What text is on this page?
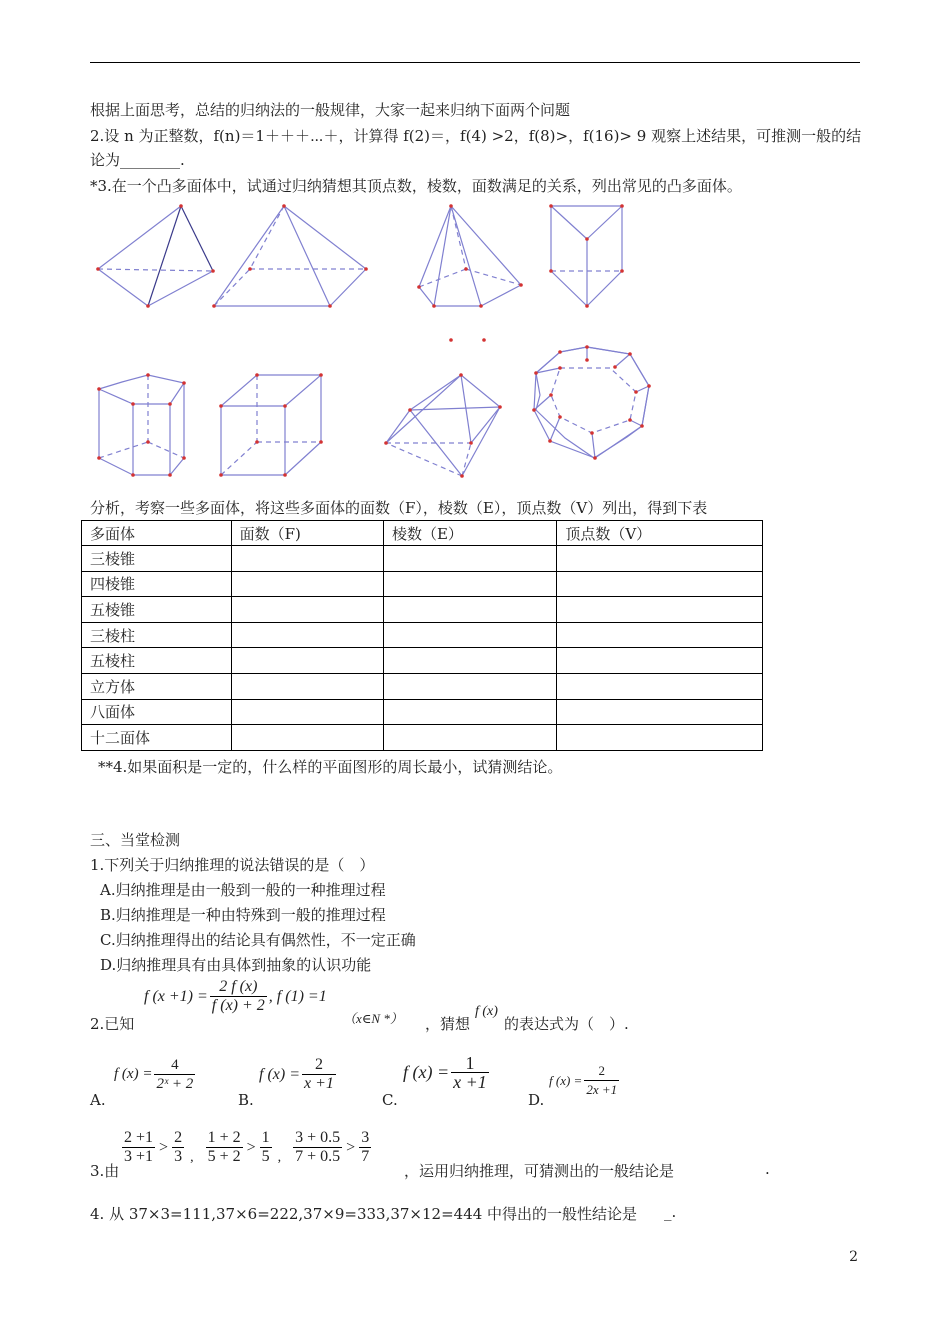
根据上面思考，总结的归纳法的一般规律，大家一起来归纳下面两个问题
2.设 n 为正整数，f(n)＝1＋＋＋⋯＋，计算得 f(2)＝，f(4) >2，f(8)>，f(16)> 9 观察上述结果，可推测一般的结
论为________.
*3.在一个凸多面体中，试通过归纳猜想其顶点数，棱数，面数满足的关系，列出常见的凸多面体。
分析，考察一些多面体，将这些多面体的面数（F），棱数（E），顶点数（V）列出，得到下表
多面体	面数（F)	棱数（E）	顶点数（V）
三棱锥			
四棱锥			
五棱锥			
三棱柱			
五棱柱			
立方体			
八面体			
十二面体			
**4.如果面积是一定的，什么样的平面图形的周长最小，试猜测结论。
三、当堂检测
1.下列关于归纳推理的说法错误的是（　）
A.归纳推理是由一般到一般的一种推理过程
B.归纳推理是一种由特殊到一般的推理过程
C.归纳推理得出的结论具有偶然性，不一定正确
D.归纳推理具有由具体到抽象的认识功能
2.已知
f $(x +1) = \frac{2 f (x)}{f (x) + 2}$ , f (1) =1
（x∈N *） ，猜想
f (x)
的表达式为（　）.
A.
f $(x) = \frac{4}{\text{2ˣ + 2}}$
B.
f $(x) = \frac{2}{x +1}$
C.
f $(x) = \frac{1}{x +1}$
D.
f $(x) = \frac{2}{2x +1}$
3.由
$\frac{2 +1}{3 +1} > \frac{2}{3}$ , $\frac{1 + 2}{5 + 2} > \frac{1}{5}$ , $\frac{3 + 0.5}{7 + 0.5} > \frac{3}{7}$
，运用归纳推理，可猜测出的一般结论是	.
4. 从 37×3=111,37×6=222,37×9=333,37×12=444 中得出的一般性结论是 _.
2
